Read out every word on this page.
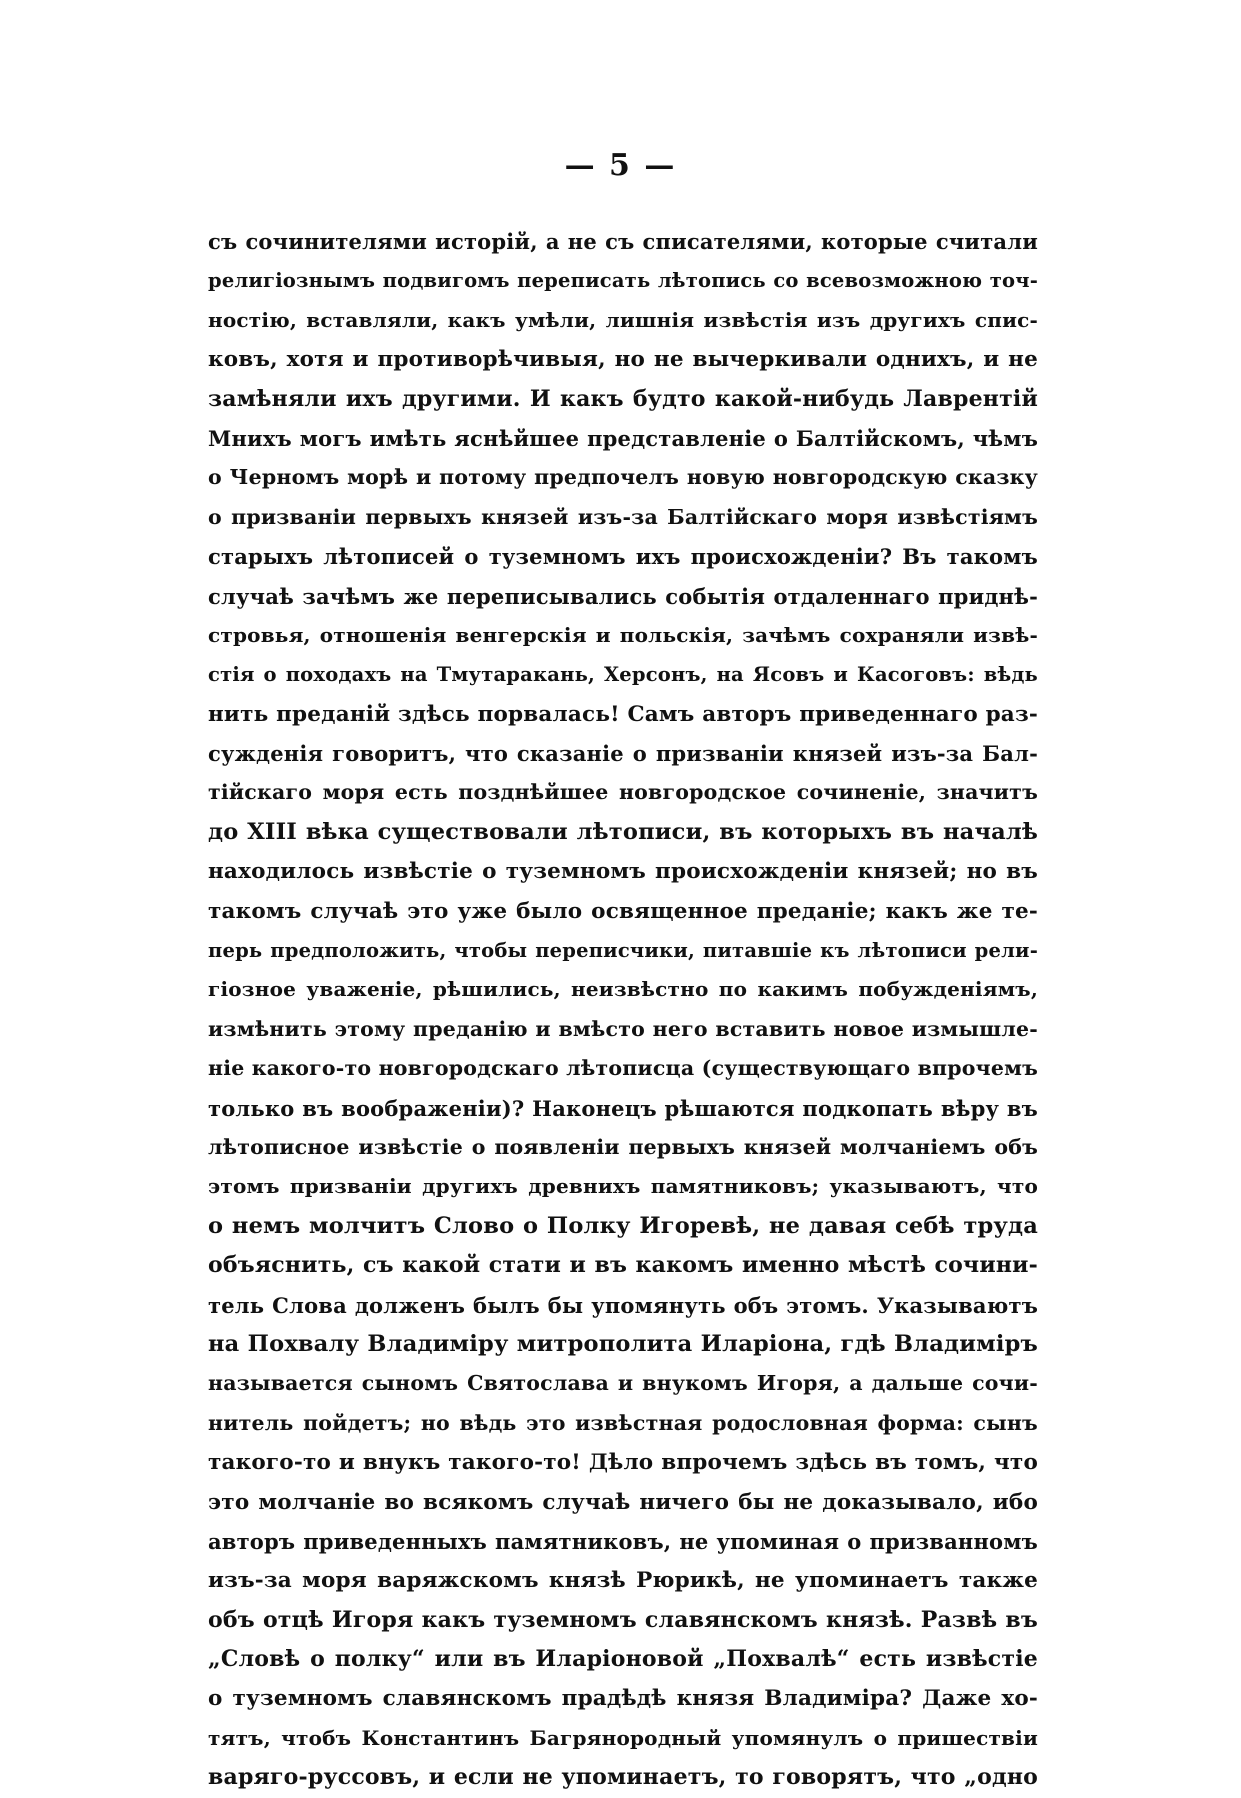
— 5 —
съ сочинителями исторій, а не съ списателями, которые считали
религіознымъ подвигомъ переписать лѣтопись со всевозможною точ-
ностію, вставляли, какъ умѣли, лишнія извѣстія изъ другихъ спис-
ковъ, хотя и противорѣчивыя, но не вычеркивали однихъ, и не
замѣняли ихъ другими. И какъ будто какой-нибудь Лаврентій
Мнихъ могъ имѣть яснѣйшее представленіе о Балтійскомъ, чѣмъ
о Черномъ морѣ и потому предпочелъ новую новгородскую сказку
о призваніи первыхъ князей изъ-за Балтійскаго моря извѣстіямъ
старыхъ лѣтописей о туземномъ ихъ происхожденіи? Въ такомъ
случаѣ зачѣмъ же переписывались событія отдаленнаго приднѣ-
стровья, отношенія венгерскія и польскія, зачѣмъ сохраняли извѣ-
стія о походахъ на Тмутаракань, Херсонъ, на Ясовъ и Касоговъ: вѣдь
нить преданій здѣсь порвалась! Самъ авторъ приведеннаго раз-
сужденія говоритъ, что сказаніе о призваніи князей изъ-за Бал-
тійскаго моря есть позднѣйшее новгородское сочиненіе, значитъ
до XIII вѣка существовали лѣтописи, въ которыхъ въ началѣ
находилось извѣстіе о туземномъ происхожденіи князей; но въ
такомъ случаѣ это уже было освященное преданіе; какъ же те-
перь предположить, чтобы переписчики, питавшіе къ лѣтописи рели-
гіозное уваженіе, рѣшились, неизвѣстно по какимъ побужденіямъ,
измѣнить этому преданію и вмѣсто него вставить новое измышле-
ніе какого-то новгородскаго лѣтописца (существующаго впрочемъ
только въ воображеніи)? Наконецъ рѣшаются подкопать вѣру въ
лѣтописное извѣстіе о появленіи первыхъ князей молчаніемъ объ
этомъ призваніи другихъ древнихъ памятниковъ; указываютъ, что
о немъ молчитъ Слово о Полку Игоревѣ, не давая себѣ труда
объяснить, съ какой стати и въ какомъ именно мѣстѣ сочини-
тель Слова долженъ былъ бы упомянуть объ этомъ. Указываютъ
на Похвалу Владиміру митрополита Иларіона, гдѣ Владиміръ
называется сыномъ Святослава и внукомъ Игоря, а дальше сочи-
нитель пойдетъ; но вѣдь это извѣстная родословная форма: сынъ
такого-то и внукъ такого-то! Дѣло впрочемъ здѣсь въ томъ, что
это молчаніе во всякомъ случаѣ ничего бы не доказывало, ибо
авторъ приведенныхъ памятниковъ, не упоминая о призванномъ
изъ-за моря варяжскомъ князѣ Рюрикѣ, не упоминаетъ также
объ отцѣ Игоря какъ туземномъ славянскомъ князѣ. Развѣ въ
„Словѣ о полку“ или въ Иларіоновой „Похвалѣ“ есть извѣстіе
о туземномъ славянскомъ прадѣдѣ князя Владиміра? Даже хо-
тятъ, чтобъ Константинъ Багрянородный упомянулъ о пришествіи
варяго-руссовъ, и если не упоминаетъ, то говорятъ, что „одно
